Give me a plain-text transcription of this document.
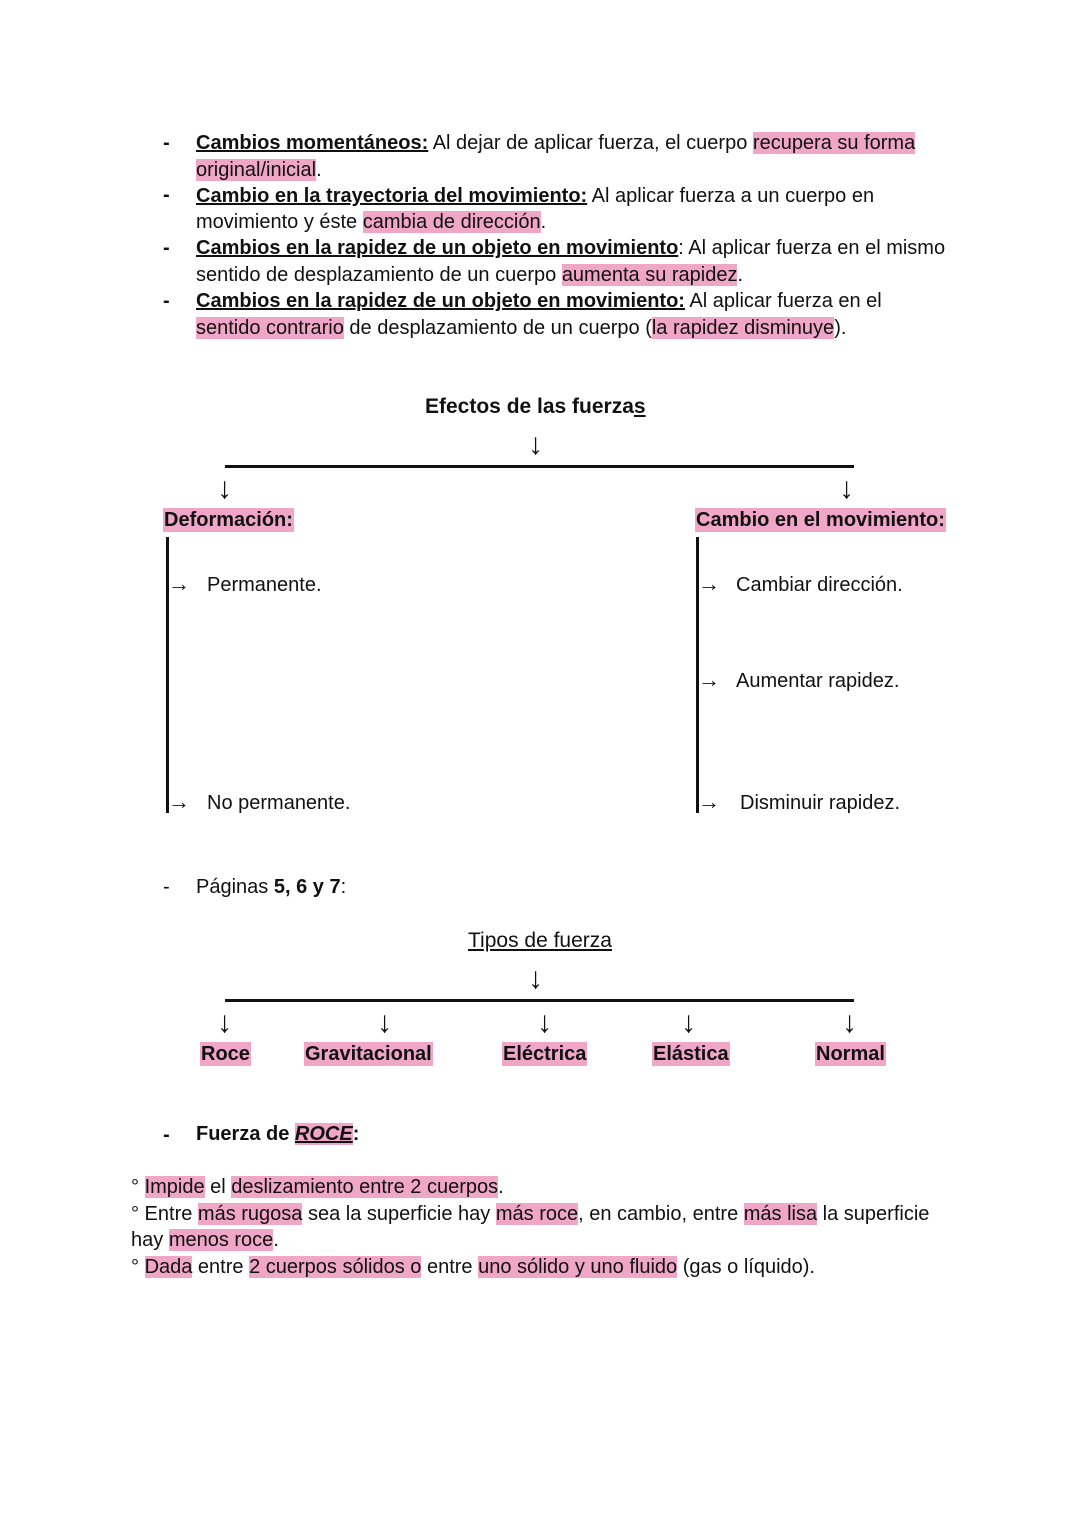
- Cambios momentáneos: Al dejar de aplicar fuerza, el cuerpo recupera su forma
original/inicial.
- Cambio en la trayectoria del movimiento: Al aplicar fuerza a un cuerpo en
movimiento y éste cambia de dirección.
- Cambios en la rapidez de un objeto en movimiento: Al aplicar fuerza en el mismo
sentido de desplazamiento de un cuerpo aumenta su rapidez.
- Cambios en la rapidez de un objeto en movimiento: Al aplicar fuerza en el
sentido contrario de desplazamiento de un cuerpo (la rapidez disminuye).
Efectos de las fuerzas
↓
↓	↓
Deformación:	Cambio en el movimiento:
→ Permanente.
→ No permanente.
→ Cambiar dirección.
→ Aumentar rapidez.
→ Disminuir rapidez.
- Páginas 5, 6 y 7:
Tipos de fuerza
↓
↓	↓	↓	↓	↓
Roce	Gravitacional	Eléctrica	Elástica	Normal
- Fuerza de ROCE:
° Impide el deslizamiento entre 2 cuerpos.
° Entre más rugosa sea la superficie hay más roce, en cambio, entre más lisa la superficie
hay menos roce.
° Dada entre 2 cuerpos sólidos o entre uno sólido y uno fluido (gas o líquido).
